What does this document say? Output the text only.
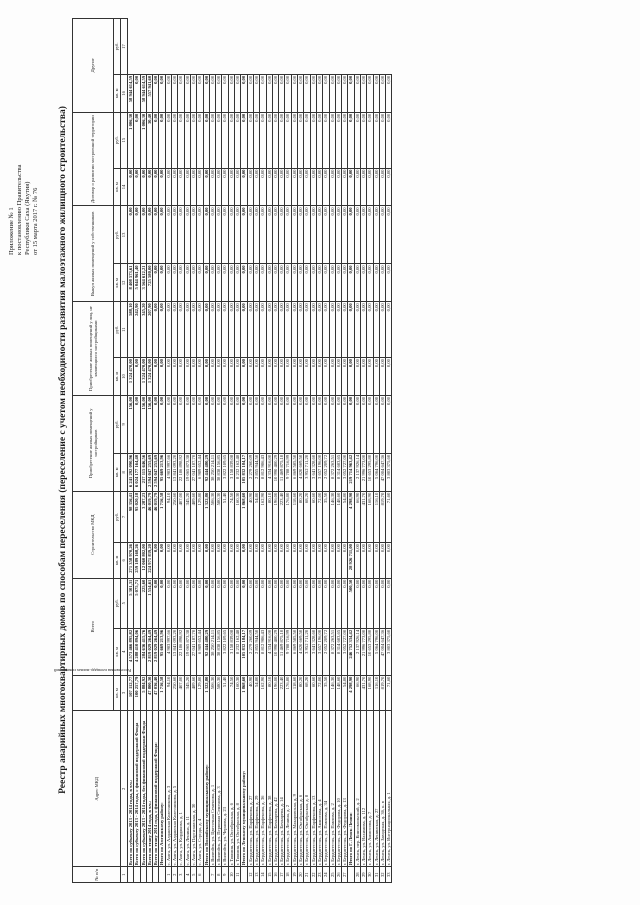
Приложение № 1 к постановлению Правительства Республики Саха (Якутия) от 15 марта 2017 г. № 76 Реестр аварийных многоквартирных домов по способам переселения (переселение с учетом необходимости развития малоэтажного жилищного строительства)
№ п/п	Адрес МКД	Расселяемая площадь жилых помещений	Всего		Строительство МКД		Приобретение жилых помещений у застройщиков		Приобретение жилых помещений у лиц, не являющихся застройщиками		Выкуп жилых помещений у собственников		Договор о развитии застроенной территории		Другие	

		кв. м	кв. м	руб.	кв. м	руб.	кв. м	руб.	кв. м	руб.	кв. м	руб.	кв. м	руб.	кв. м	руб.
1	2	3	4	5	6	7	8	9	10	11	12	13	14	15	16	17
	Всего по субъекту 2013 - 2014 годы, в т.ч.:	107 112,77	4 573 466 895,82	5 301,31	271 358 970,26	98 356,41	6 241 292 090,96	156,00	1 324 470,00	588,10	8 408 573,61	0,00	0,00	1 006,30	58 944 614,59	
	Всего по субъекту 2013 - 2014 годы, с финансовой поддержкой Фонда	100 257,79	4 288 410 894,06	5 075,71	259 189 168,26	95 020,18	6 024 177 164,40	0,00	0,00	242,90	5 044 961,40	0,00	0,00	0,00	0,00	
	Всего по субъекту 2013 - 2014 годы, без финансовой поддержки Фонда	5 884,92	284 636 415,76	225,60	12 060 802,00	3 287,23	217 115 646,56	156,00	1 324 470,00	345,20	3 564 612,21	0,00	0,00	1 006,30	58 944 614,59	
	Всего по этапу 2014 года, в т.ч.:	47 800,30	2 819 029 264,49	1 554,61	224 971 839,20	46 019,79	2 594 047 255,69	156,00	1 324 470,00	207,90	725 580,00	0,00	0,00	30,40	557 941,60	
	Всего по этапу 2014 года, с финансовой поддержкой Фонда:	47 036,40	2 819 029 264,49	0,00	0,00	46 019,79	2 594 047 255,69	0,00	0,00	0,00	0,00	0,00	0,00	0,00	0,00	
	Итого по Амгинскому району:	1 716,58	95 669 213,96	0,00	0,00	1 716,58	95 669 213,96	0,00	0,00	0,00	0,00	0,00	0,00	0,00	0,00	
1	с. Амга, ул. Алданская Колесникова, д. 3	94,10	4 983 997,66	0,00	0,00	94,10	4 983 997,66	0,00	0,00	0,00	0,00	0,00	0,00	0,00	0,00	
2	с. Амга, ул. Алданская Колесникова, д. 5	250,60	13 841 093,20	0,00	0,00	250,60	13 841 093,20	0,00	0,00	0,00	0,00	0,00	0,00	0,00	0,00	
3	с. Амга, ул. Кирдякова, д. 1	407,00	22 186 898,92	0,00	0,00	407,00	22 186 898,92	0,00	0,00	0,00	0,00	0,00	0,00	0,00	0,00	
4	с. Амга, ул. Ленина, д. 11	345,20	19 065 873,38	0,00	0,00	345,20	19 065 873,38	0,00	0,00	0,00	0,00	0,00	0,00	0,00	0,00	
5	с. Амга, ул. Партизанская, д. 30	489,60	27 041 187,70	0,00	0,00	489,60	27 041 187,70	0,00	0,00	0,00	0,00	0,00	0,00	0,00	0,00	
6	с. Амга, ул. Строда, д. 4	129,80	6 989 652,44	0,00	0,00	129,80	6 989 652,44	0,00	0,00	0,00	0,00	0,00	0,00	0,00	0,00	
	Итого по Вилюйскому муниципальному району:	1 322,80	92 444 480,29	0,00	0,00	1 322,80	92 444 480,29	0,00	0,00	0,00	0,00	0,00	0,00	0,00	0,00	
7	г. Вилюйск, ул. Цветочная Семенова, д. 1	506,30	38 250 214,11	0,00	0,00	506,30	38 250 214,11	0,00	0,00	0,00	0,00	0,00	0,00	0,00	0,00	
8	г. Вилюйск, ул. Первомая Семенова, д. 3	580,30	38 838 156,85	0,00	0,00	580,30	38 838 156,85	0,00	0,00	0,00	0,00	0,00	0,00	0,00	0,00	
9	г. Вилюйск, ул. Чернова, д. 23	51,40	3 822 109,65	0,00	0,00	51,40	3 822 109,65	0,00	0,00	0,00	0,00	0,00	0,00	0,00	0,00	
10	г. Тиммин, ул. Октябрьская, д. 6	74,50	3 158 839,08	0,00	0,00	74,50	3 158 839,08	0,00	0,00	0,00	0,00	0,00	0,00	0,00	0,00	
11	г. Тиммин, ул. Октябрьская, д. 8	160,30	8 232 162,48	0,00	0,00	160,30	8 232 162,48	0,00	0,00	0,00	0,00	0,00	0,00	0,00	0,00	
	Итого по Ленскому муниципальному району:	1 868,60	105 832 184,17	0,00	0,00	1 868,60	105 832 184,17	0,00	0,00	0,00	0,00	0,00	0,00	0,00	0,00	
12	г. Бердигестях, ул. Парфенова, д. 27	40,90	2 279 260,09	0,00	0,00	40,90	2 279 260,09	0,00	0,00	0,00	0,00	0,00	0,00	0,00	0,00	
13	г. Бердигестях, ул. Парфенова, д. 29	54,80	2 855 944,50	0,00	0,00	54,80	2 855 944,50	0,00	0,00	0,00	0,00	0,00	0,00	0,00	0,00	
14	г. Бердигестях, ул. Парфенова, д. 36	162,90	8 812 986,43	0,00	0,00	162,90	8 812 986,43	0,00	0,00	0,00	0,00	0,00	0,00	0,00	0,00	
15	г. Бердигестях, ул. Парфенова, д. 38	80,10	4 334 916,00	0,00	0,00	80,10	4 334 916,00	0,00	0,00	0,00	0,00	0,00	0,00	0,00	0,00	
16	г. Бердигестях, ул. Бочкарева, д. 42	196,00	10 990 480,29	0,00	0,00	196,00	10 990 480,29	0,00	0,00	0,00	0,00	0,00	0,00	0,00	0,00	
17	г. Бердигестях, ул. Бочкарева, д. 14	223,40	11 469 875,10	0,00	0,00	223,40	11 469 875,10	0,00	0,00	0,00	0,00	0,00	0,00	0,00	0,00	
18	г. Бердигестях, ул. Ленина, д. 2	176,80	9 788 716,99	0,00	0,00	176,80	9 788 716,99	0,00	0,00	0,00	0,00	0,00	0,00	0,00	0,00	
19	г. Бердигестях, ул. Макаровская, д. 9	118,60	6 869 585,50	0,00	0,00	118,60	6 869 585,50	0,00	0,00	0,00	0,00	0,00	0,00	0,00	0,00	
20	г. Бердигестях, ул. Октябрьская, д. 6	80,20	4 820 669,50	0,00	0,00	80,20	4 820 669,50	0,00	0,00	0,00	0,00	0,00	0,00	0,00	0,00	
21	г. Бердигестях, ул. Октябрьская, д. 8	68,20	3 952 711,20	0,00	0,00	68,20	3 952 711,20	0,00	0,00	0,00	0,00	0,00	0,00	0,00	0,00	
22	г. Бердигестях, ул. Парфенова, д. 13	60,60	3 641 328,60	0,00	0,00	60,60	3 641 328,60	0,00	0,00	0,00	0,00	0,00	0,00	0,00	0,00	
23	г. Бердигестях, ул. Аммосова, д. 4	72,00	3 657 196,00	0,00	0,00	72,00	3 657 196,00	0,00	0,00	0,00	0,00	0,00	0,00	0,00	0,00	
24	г. Бердигестях, ул. Павлова, д. 34	35,50	2 052 209,72	0,00	0,00	35,50	2 052 209,72	0,00	0,00	0,00	0,00	0,00	0,00	0,00	0,00	
25	г. Бердигестях, ул. Павлова, д. 2	146,30	8 372 263,51	0,00	0,00	146,30	8 372 263,51	0,00	0,00	0,00	0,00	0,00	0,00	0,00	0,00	
26	г. Бердигестях, ул. Федорова, д. 10	148,60	8 314 683,65	0,00	0,00	148,60	8 314 683,65	0,00	0,00	0,00	0,00	0,00	0,00	0,00	0,00	
27	г. Бердигестях, ул. Федорова, д. 13	54,80	3 052 727,00	0,00	0,00	54,80	3 052 727,00	0,00	0,00	0,00	0,00	0,00	0,00	0,00	0,00	
	Итого по Г. Ленск Ленин:	4 298,90	246 752 334,42	500,50	28 926 711,00	4 298,90	219 714 963,42	0,00	0,00	0,00	0,00	0,00	0,00	0,00	0,00	
28	г. Ленск, пер. Комсомольский, д. 2	66,90	2 137 926,14	0,00	0,00	66,90	2 137 926,14	0,00	0,00	0,00	0,00	0,00	0,00	0,00	0,00	
29	г. Ленск, ул. Нахимова, д. 112	431,70	21 996 773,00	0,00	0,00	431,70	21 996 773,00	0,00	0,00	0,00	0,00	0,00	0,00	0,00	0,00	
30	г. Ленск, ул. Аммосова, д. 7	168,90	10 653 295,80	0,00	0,00	168,90	10 653 295,80	0,00	0,00	0,00	0,00	0,00	0,00	0,00	0,00	
31	г. Ленск, ул. Ленинская, д. 27	116,10	5 064 796,00	0,00	0,00	116,10	5 064 796,00	0,00	0,00	0,00	0,00	0,00	0,00	0,00	0,00	
32	г. Ленск, ул. Заводская, д. 36, к. в	819,70	47 004 647,36	0,00	0,00	819,70	47 004 647,36	0,00	0,00	0,00	0,00	0,00	0,00	0,00	0,00	
33	г. Ленск, ул. Интернациональная, д. 1	71,60	3 803 375,60	0,00	0,00	71,60	3 803 375,60	0,00	0,00	0,00	0,00	0,00	0,00	0,00	0,00	
